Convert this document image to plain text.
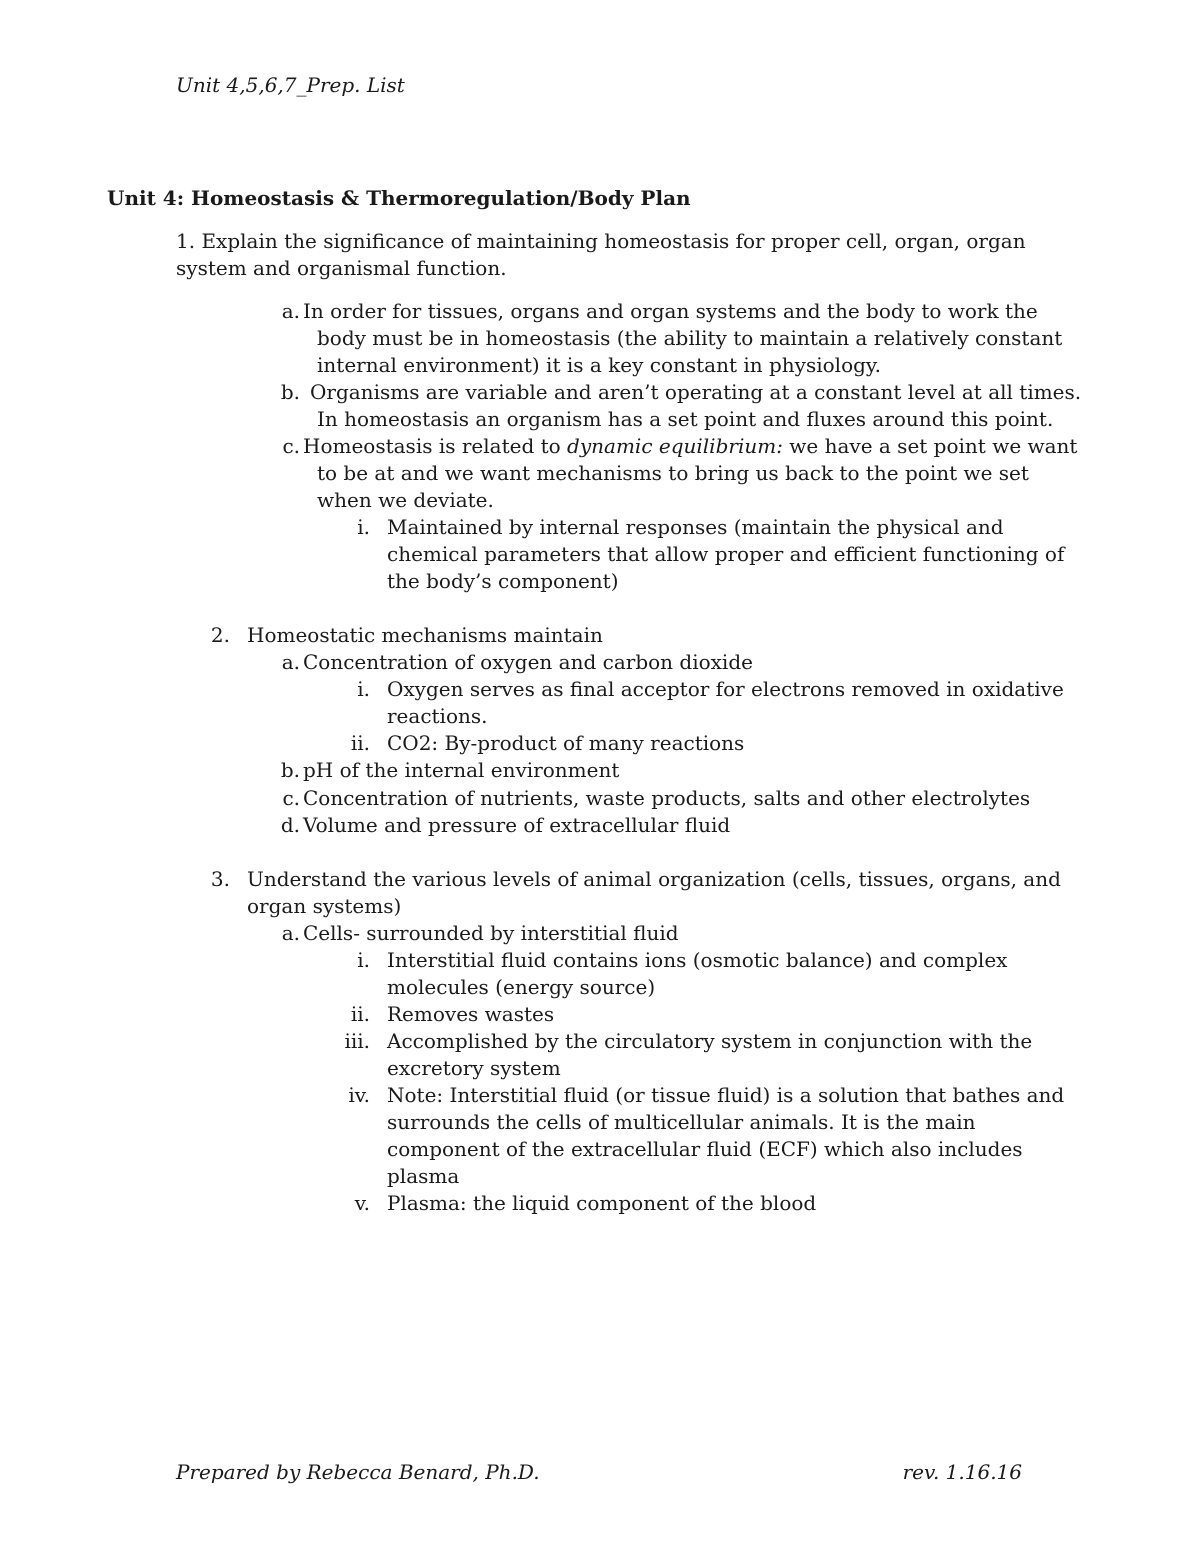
Unit 4,5,6,7_Prep. List
Unit 4: Homeostasis & Thermoregulation/Body Plan
1. Explain the significance of maintaining homeostasis for proper cell, organ, organ
system and organismal function.
a. In order for tissues, organs and organ systems and the body to work the
body must be in homeostasis (the ability to maintain a relatively constant
internal environment) it is a key constant in physiology.
b. Organisms are variable and aren’t operating at a constant level at all times.
In homeostasis an organism has a set point and fluxes around this point.
c. Homeostasis is related to dynamic equilibrium: we have a set point we want
to be at and we want mechanisms to bring us back to the point we set
when we deviate.
i. Maintained by internal responses (maintain the physical and
chemical parameters that allow proper and efficient functioning of
the body’s component)
2. Homeostatic mechanisms maintain
a. Concentration of oxygen and carbon dioxide
i. Oxygen serves as final acceptor for electrons removed in oxidative
reactions.
ii. CO2: By-product of many reactions
b. pH of the internal environment
c. Concentration of nutrients, waste products, salts and other electrolytes
d. Volume and pressure of extracellular fluid
3. Understand the various levels of animal organization (cells, tissues, organs, and
organ systems)
a. Cells- surrounded by interstitial fluid
i. Interstitial fluid contains ions (osmotic balance) and complex
molecules (energy source)
ii. Removes wastes
iii. Accomplished by the circulatory system in conjunction with the
excretory system
iv. Note: Interstitial fluid (or tissue fluid) is a solution that bathes and
surrounds the cells of multicellular animals. It is the main
component of the extracellular fluid (ECF) which also includes
plasma
v. Plasma: the liquid component of the blood
Prepared by Rebecca Benard, Ph.D.	rev. 1.16.16
